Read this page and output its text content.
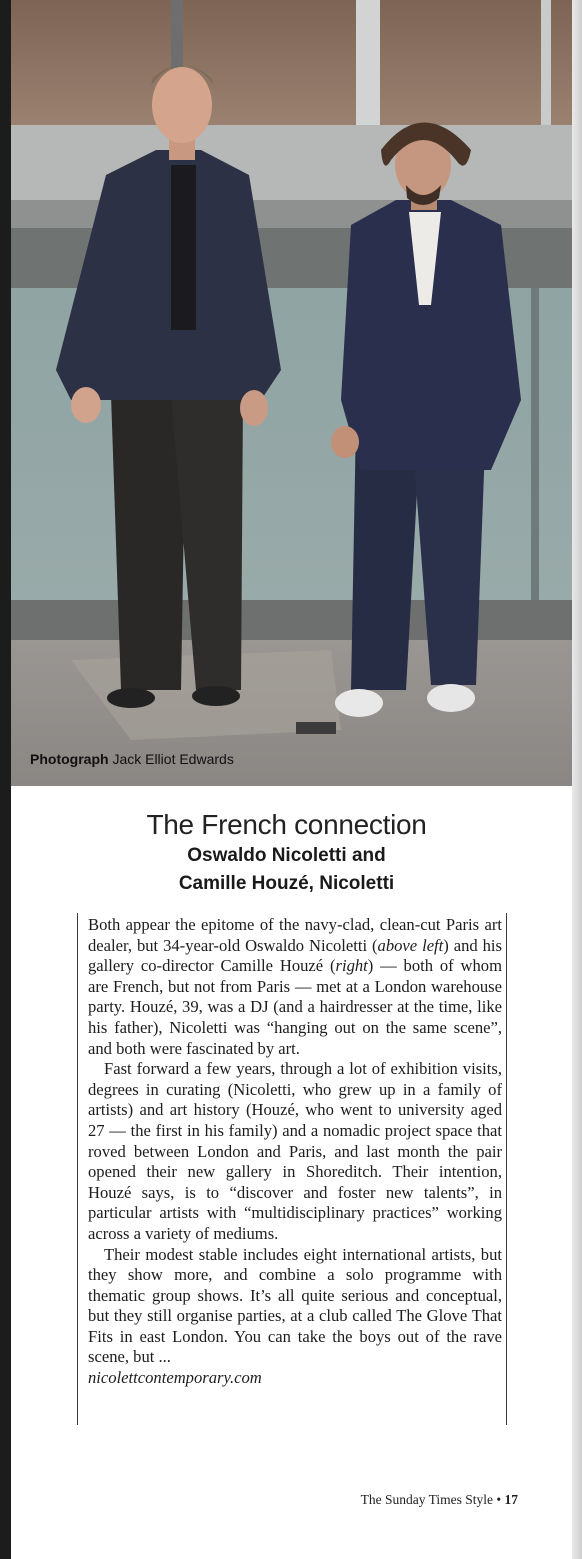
Photograph Jack Elliot Edwards
The French connection
Oswaldo Nicoletti and
Camille Houzé, Nicoletti

Both appear the epitome of the navy-clad, clean-cut Paris art dealer, but 34-year-old Oswaldo Nicoletti (above left) and his gallery co-director Camille Houzé (right) — both of whom are French, but not from Paris — met at a London warehouse party. Houzé, 39, was a DJ (and a hairdresser at the time, like his father), Nicoletti was “hanging out on the same scene”, and both were fascinated by art.

Fast forward a few years, through a lot of exhibition visits, degrees in curating (Nicoletti, who grew up in a family of artists) and art history (Houzé, who went to university aged 27 — the first in his family) and a nomadic project space that roved between London and Paris, and last month the pair opened their new gallery in Shoreditch. Their intention, Houzé says, is to “discover and foster new talents”, in particular artists with “multidisciplinary practices” working across a variety of mediums.

Their modest stable includes eight international artists, but they show more, and combine a solo programme with thematic group shows. It’s all quite serious and conceptual, but they still organise parties, at a club called The Glove That Fits in east London. You can take the boys out of the rave scene, but ...

nicolettcontemporary.com
The Sunday Times Style • 17
